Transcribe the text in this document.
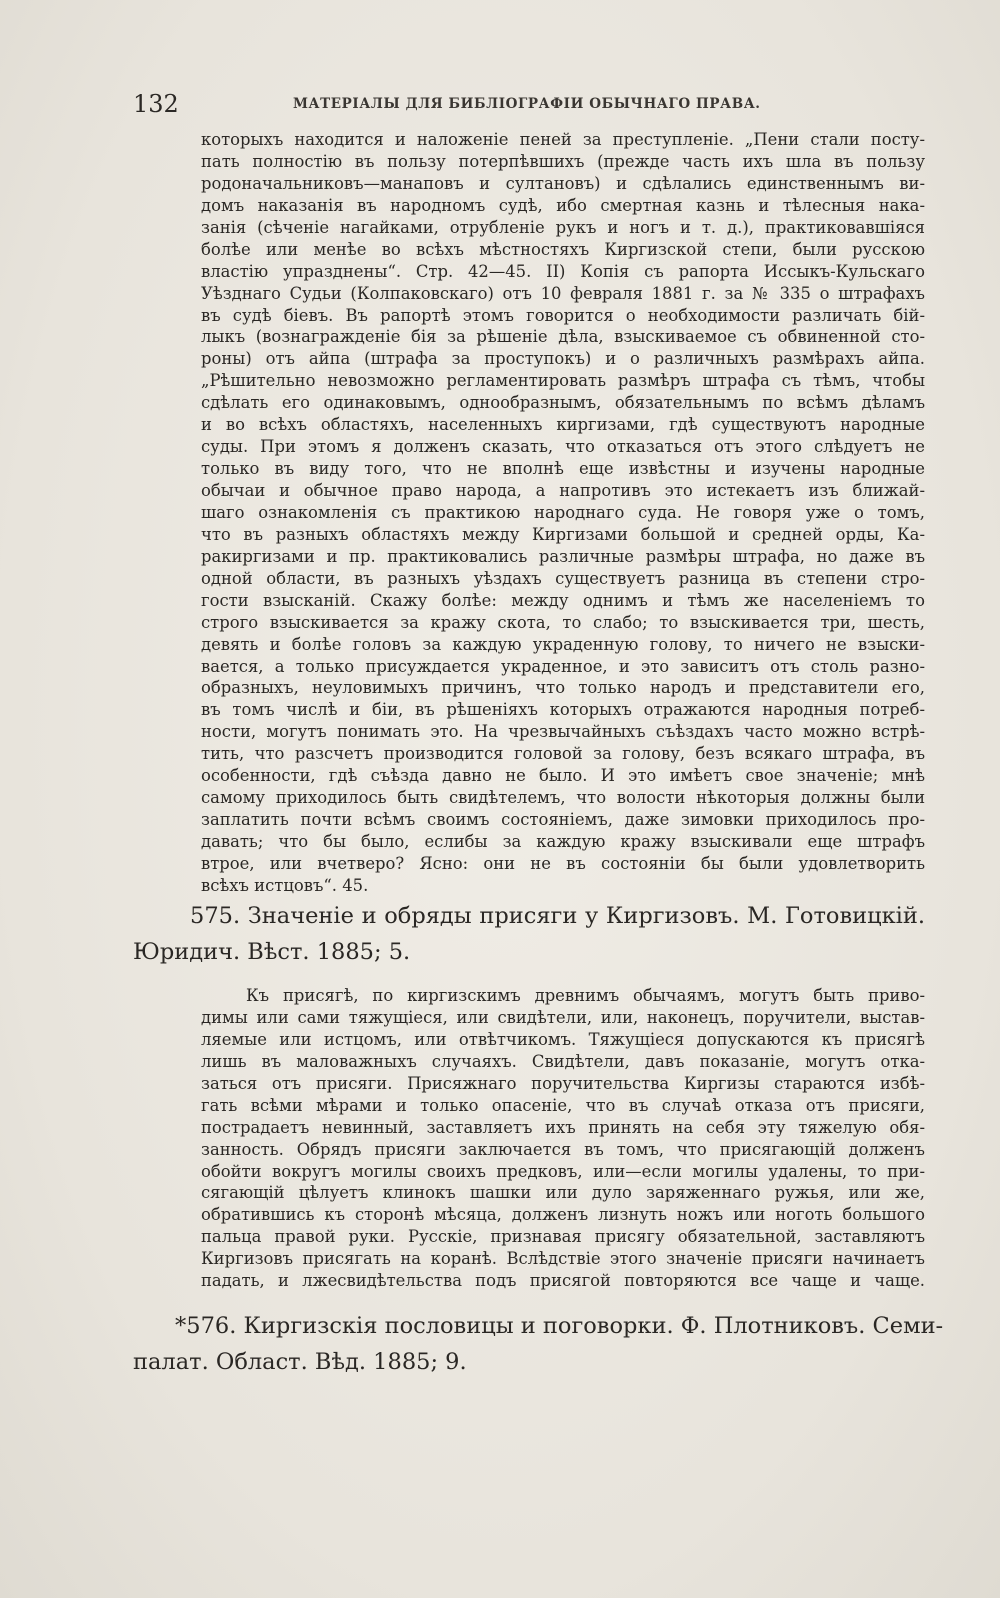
132	МАТЕРІАЛЫ ДЛЯ БИБЛІОГРАФІИ ОБЫЧНАГО ПРАВА.
которыхъ находится и наложеніе пеней за преступленіе. „Пени стали посту-
пать полностію въ пользу потерпѣвшихъ (прежде часть ихъ шла въ пользу
родоначальниковъ—манаповъ и султановъ) и сдѣлались единственнымъ ви-
домъ наказанія въ народномъ судѣ, ибо смертная казнь и тѣлесныя нака-
занія (сѣченіе нагайками, отрубленіе рукъ и ногъ и т. д.), практиковавшіяся
болѣе или менѣе во всѣхъ мѣстностяхъ Киргизской степи, были русскою
властію упразднены“. Стр. 42—45. II) Копія съ рапорта Иссыкъ-Кульскаго
Уѣзднаго Судьи (Колпаковскаго) отъ 10 февраля 1881 г. за № 335 о штрафахъ
въ судѣ біевъ. Въ рапортѣ этомъ говорится о необходимости различать бій-
лыкъ (вознагражденіе бія за рѣшеніе дѣла, взыскиваемое съ обвиненной сто-
роны) отъ айпа (штрафа за проступокъ) и о различныхъ размѣрахъ айпа.
„Рѣшительно невозможно регламентировать размѣръ штрафа съ тѣмъ, чтобы
сдѣлать его одинаковымъ, однообразнымъ, обязательнымъ по всѣмъ дѣламъ
и во всѣхъ областяхъ, населенныхъ киргизами, гдѣ существуютъ народные
суды. При этомъ я долженъ сказать, что отказаться отъ этого слѣдуетъ не
только въ виду того, что не вполнѣ еще извѣстны и изучены народные
обычаи и обычное право народа, а напротивъ это истекаетъ изъ ближай-
шаго ознакомленія съ практикою народнаго суда. Не говоря уже о томъ,
что въ разныхъ областяхъ между Киргизами большой и средней орды, Ка-
ракиргизами и пр. практиковались различные размѣры штрафа, но даже въ
одной области, въ разныхъ уѣздахъ существуетъ разница въ степени стро-
гости взысканій. Скажу болѣе: между однимъ и тѣмъ же населеніемъ то
строго взыскивается за кражу скота, то слабо; то взыскивается три, шесть,
девять и болѣе головъ за каждую украденную голову, то ничего не взыски-
вается, а только присуждается украденное, и это зависитъ отъ столь разно-
образныхъ, неуловимыхъ причинъ, что только народъ и представители его,
въ томъ числѣ и біи, въ рѣшеніяхъ которыхъ отражаются народныя потреб-
ности, могутъ понимать это. На чрезвычайныхъ съѣздахъ часто можно встрѣ-
тить, что разсчетъ производится головой за голову, безъ всякаго штрафа, въ
особенности, гдѣ съѣзда давно не было. И это имѣетъ свое значеніе; мнѣ
самому приходилось быть свидѣтелемъ, что волости нѣкоторыя должны были
заплатить почти всѣмъ своимъ состояніемъ, даже зимовки приходилось про-
давать; что бы было, еслибы за каждую кражу взыскивали еще штрафъ
втрое, или вчетверо? Ясно: они не въ состояніи бы были удовлетворить
всѣхъ истцовъ“. 45.
575. Значеніе и обряды присяги у Киргизовъ. М. Готовицкій.
Юридич. Вѣст. 1885; 5.
Къ присягѣ, по киргизскимъ древнимъ обычаямъ, могутъ быть приво-
димы или сами тяжущіеся, или свидѣтели, или, наконецъ, поручители, выстав-
ляемые или истцомъ, или отвѣтчикомъ. Тяжущіеся допускаются къ присягѣ
лишь въ маловажныхъ случаяхъ. Свидѣтели, давъ показаніе, могутъ отка-
заться отъ присяги. Присяжнаго поручительства Киргизы стараются избѣ-
гать всѣми мѣрами и только опасеніе, что въ случаѣ отказа отъ присяги,
пострадаетъ невинный, заставляетъ ихъ принять на себя эту тяжелую обя-
занность. Обрядъ присяги заключается въ томъ, что присягающій долженъ
обойти вокругъ могилы своихъ предковъ, или—если могилы удалены, то при-
сягающій цѣлуетъ клинокъ шашки или дуло заряженнаго ружья, или же,
обратившись къ сторонѣ мѣсяца, долженъ лизнуть ножъ или ноготь большого
пальца правой руки. Русскіе, признавая присягу обязательной, заставляютъ
Киргизовъ присягать на коранѣ. Вслѣдствіе этого значеніе присяги начинаетъ
падать, и лжесвидѣтельства подъ присягой повторяются все чаще и чаще.
*576. Киргизскія пословицы и поговорки. Ф. Плотниковъ. Семи-
палат. Област. Вѣд. 1885; 9.
